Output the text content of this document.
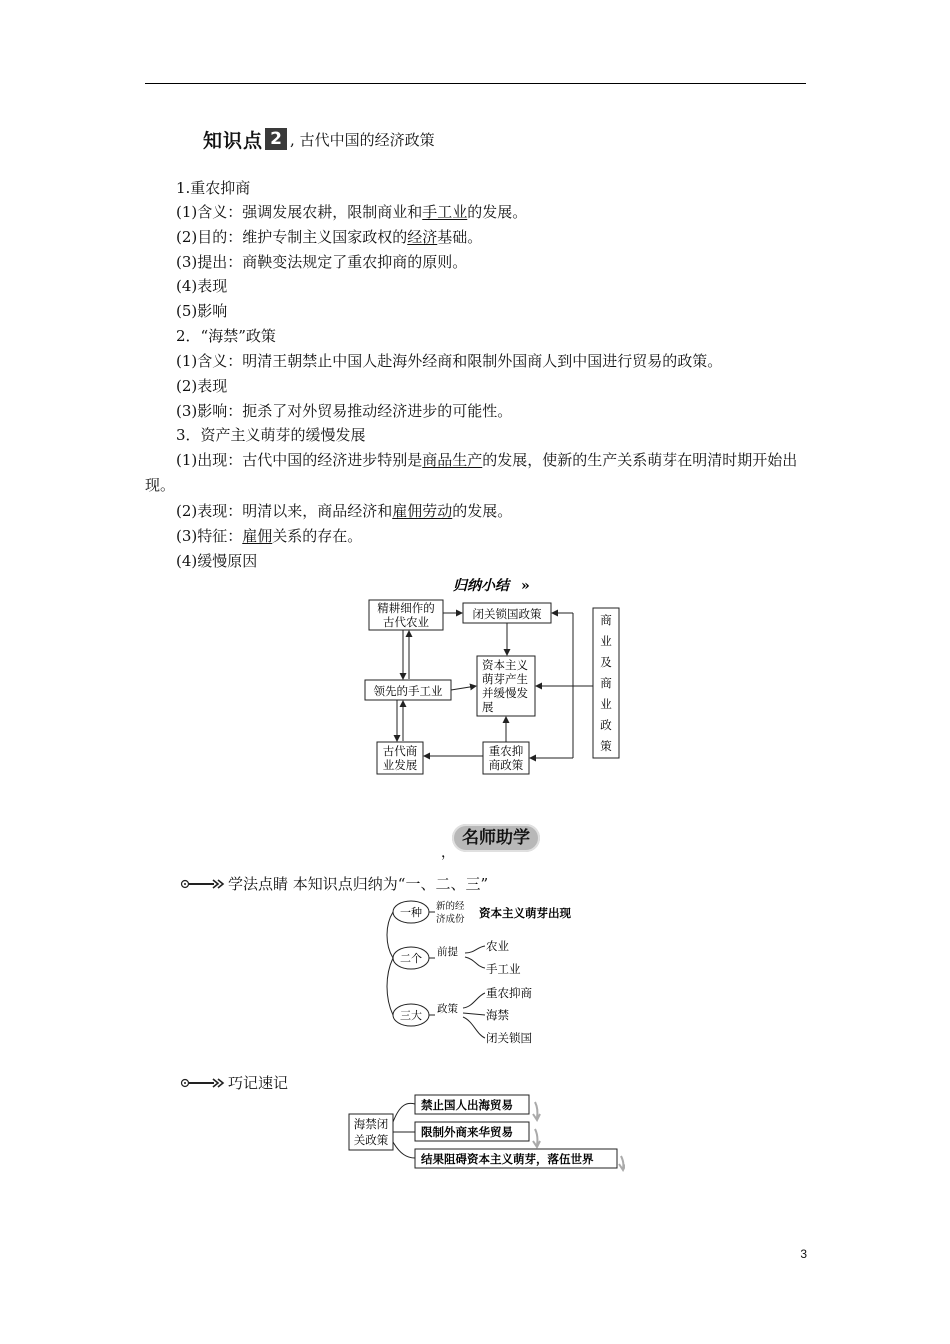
知识点 2 , 古代中国的经济政策
1.重农抑商
(1)含义：强调发展农耕，限制商业和手工业的发展。
(2)目的：维护专制主义国家政权的经济基础。
(3)提出：商鞅变法规定了重农抑商的原则。
(4)表现
(5)影响
2．“海禁”政策
(1)含义：明清王朝禁止中国人赴海外经商和限制外国商人到中国进行贸易的政策。
(2)表现
(3)影响：扼杀了对外贸易推动经济进步的可能性。
3．资产主义萌芽的缓慢发展
(1)出现：古代中国的经济进步特别是商品生产的发展，使新的生产关系萌芽在明清时期开始出现。
(2)表现：明清以来，商品经济和雇佣劳动的发展。
(3)特征：雇佣关系的存在。
(4)缓慢原因
归纳小结 »
精耕细作的
古代农业
闭关锁国政策
资本主义
萌芽产生
并缓慢发
展
领先的手工业
古代商
业发展
重农抑
商政策
商
业
及
商
业
政
策
名师助学
，
学法点睛 本知识点归纳为“一、二、三”
一种
二个
三大
新的经
济成份 资本主义萌芽出现
前提 农业
手工业
政策
重农抑商
海禁
闭关锁国
巧记速记
海禁闭
关政策
禁止国人出海贸易
限制外商来华贸易
结果阻碍资本主义萌芽，落伍世界
3
